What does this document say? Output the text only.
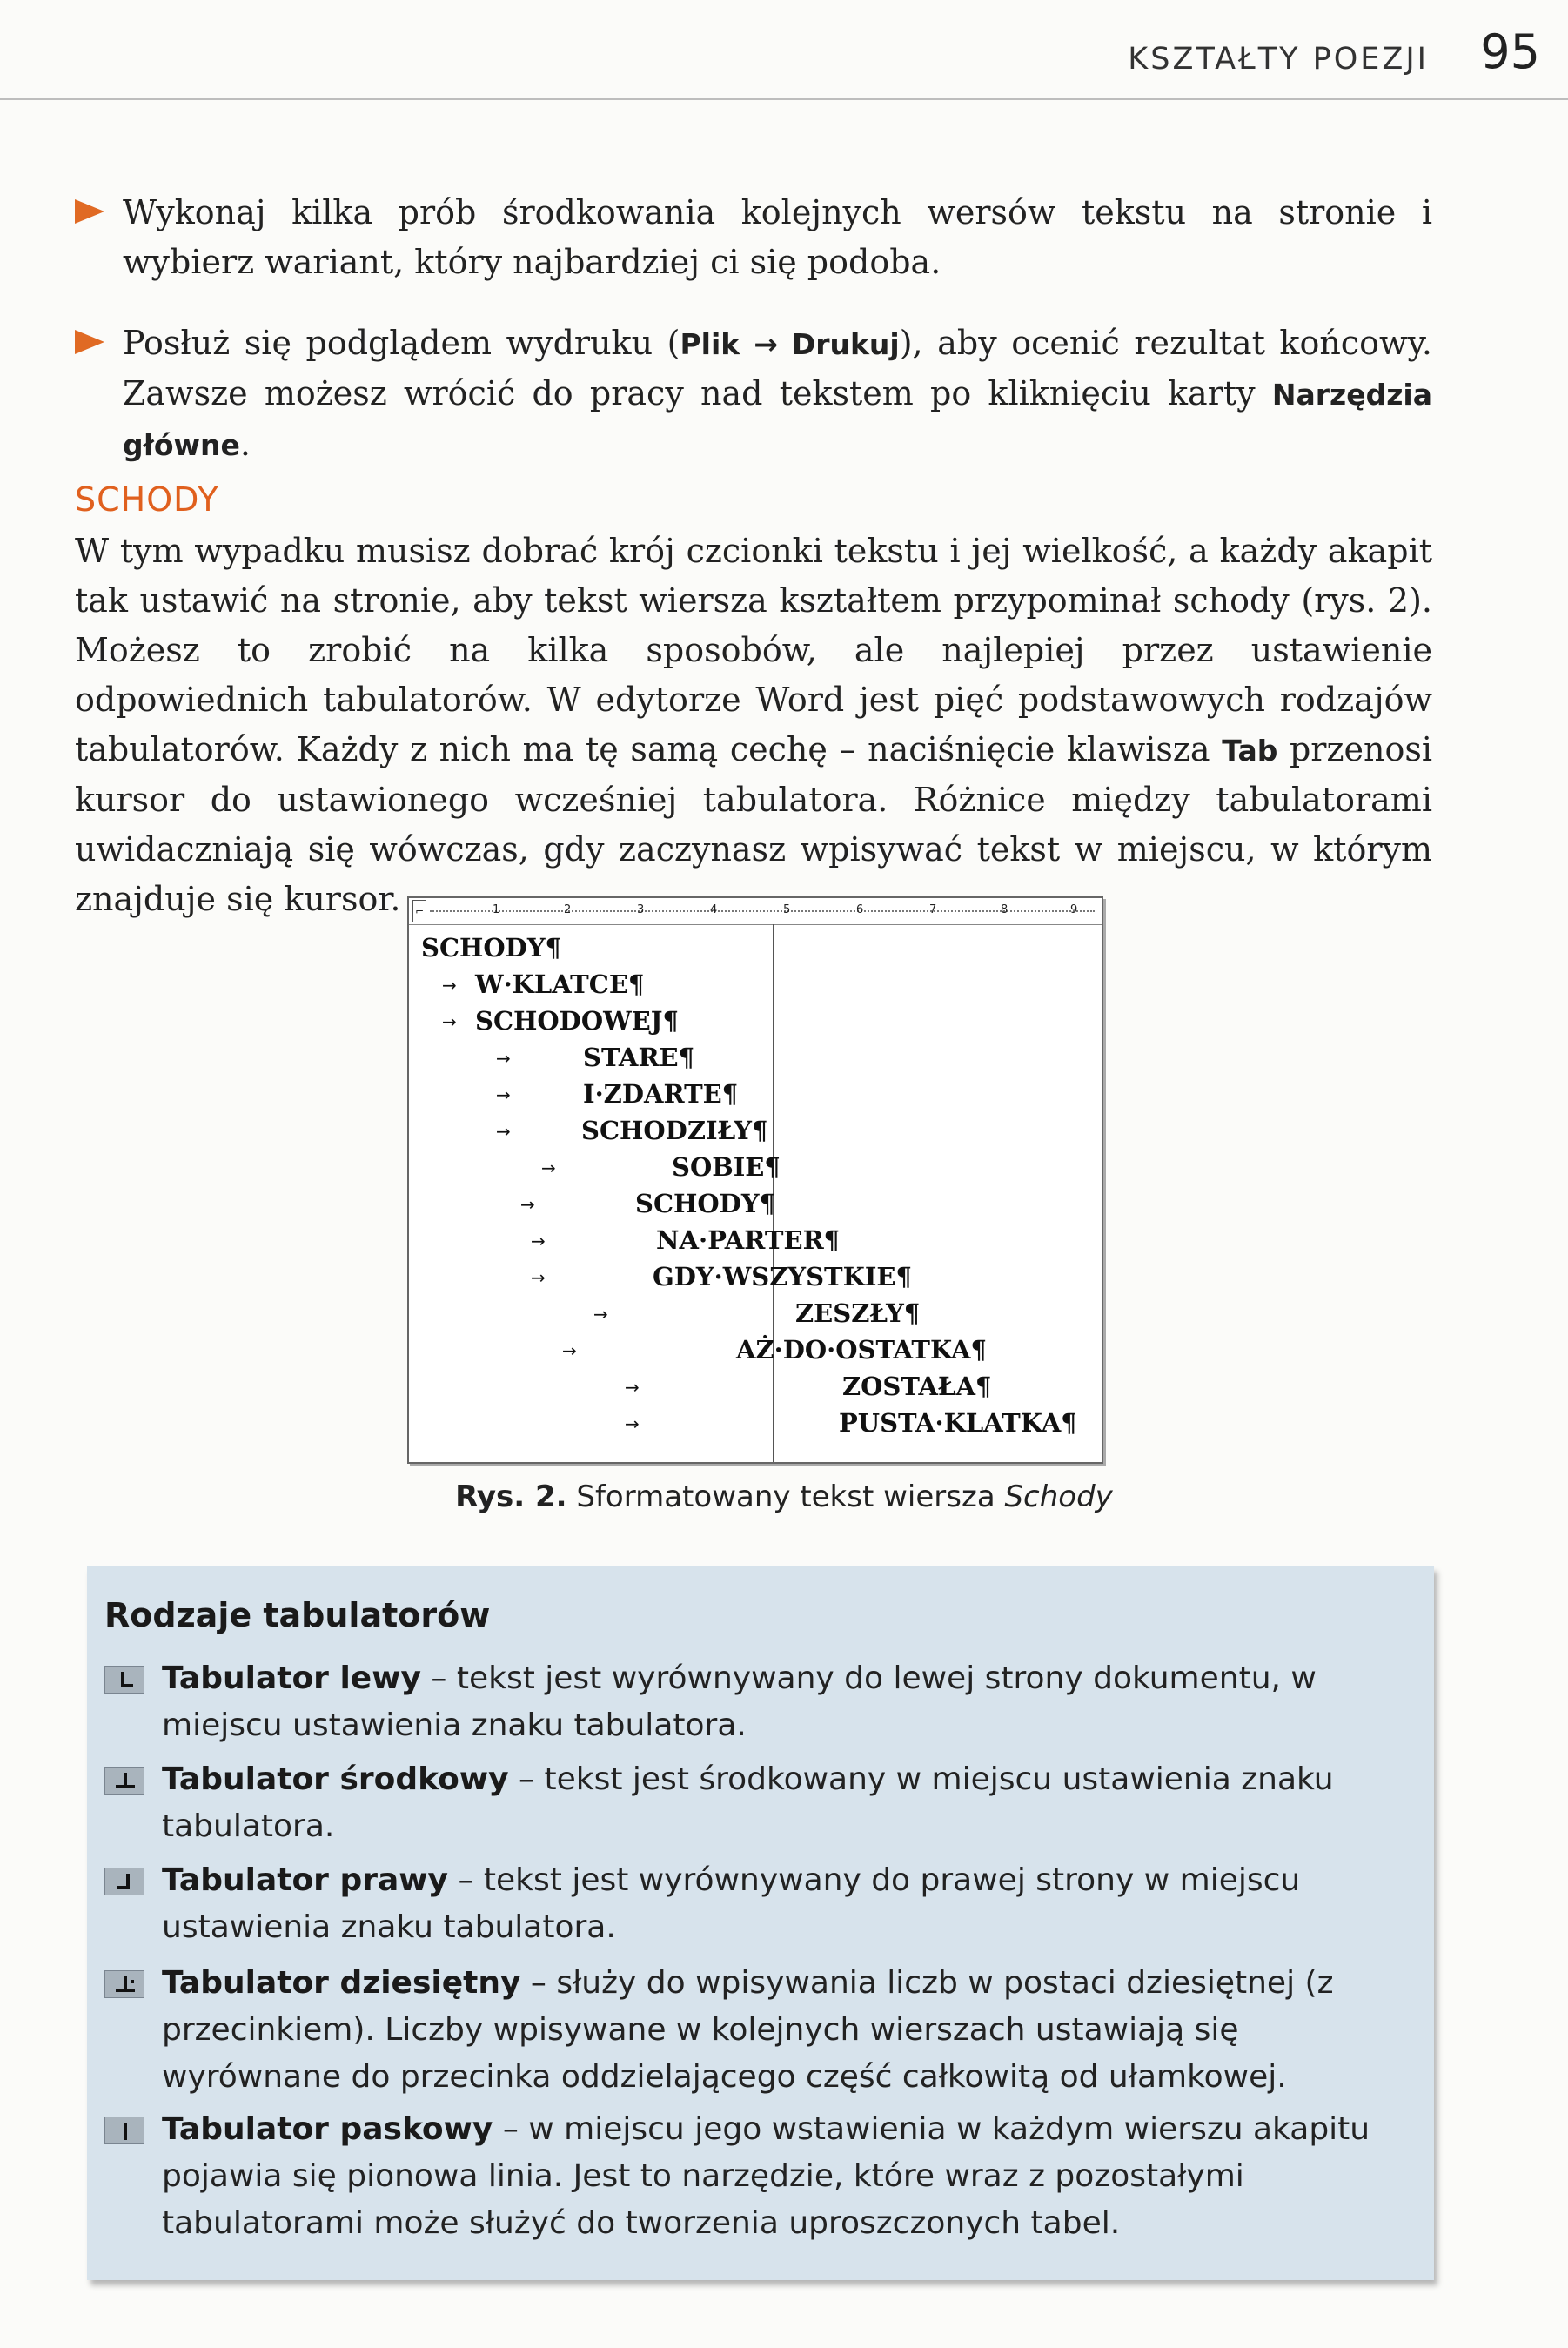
KSZTAŁTY POEZJI 95
Wykonaj kilka prób środkowania kolejnych wersów tekstu na stronie i wybierz wariant, który najbardziej ci się podoba.
Posłuż się podglądem wydruku (Plik → Drukuj), aby ocenić rezultat końcowy. Zawsze możesz wrócić do pracy nad tekstem po kliknięciu karty Narzędzia główne.
SCHODY
W tym wypadku musisz dobrać krój czcionki tekstu i jej wielkość, a każdy akapit tak ustawić na stronie, aby tekst wiersza kształtem przypominał schody (rys. 2). Możesz to zrobić na kilka sposobów, ale najlepiej przez ustawienie odpowiednich tabulatorów. W edytorze Word jest pięć podstawowych rodzajów tabulatorów. Każdy z nich ma tę samą cechę – naciśnięcie klawisza Tab przenosi kursor do ustawionego wcześniej tabulatora. Różnice między tabulatorami uwidaczniają się wówczas, gdy zaczynasz wpisywać tekst w miejscu, w którym znajduje się kursor.	⌐	1	2	3	4	5	6	7	8	9
SCHODY¶
→ W·KLATCE¶
→ SCHODOWEJ¶
→	STARE¶
→	I·ZDARTE¶
→	SCHODZIŁY¶
→	SOBIE¶
→	SCHODY¶
→	NA·PARTER¶
→	GDY·WSZYSTKIE¶
→	ZESZŁY¶
→	AŻ·DO·OSTATKA¶
→	ZOSTAŁA¶
→	PUSTA·KLATKA¶
Rys. 2. Sformatowany tekst wiersza Schody
Rodzaje tabulatorów
Tabulator lewy – tekst jest wyrównywany do lewej strony dokumentu, w miejscu ustawienia znaku tabulatora.
Tabulator środkowy – tekst jest środkowany w miejscu ustawienia znaku tabulatora.
Tabulator prawy – tekst jest wyrównywany do prawej strony w miejscu ustawienia znaku tabulatora.
Tabulator dziesiętny – służy do wpisywania liczb w postaci dziesiętnej (z przecinkiem). Liczby wpisywane w kolejnych wierszach ustawiają się wyrównane do przecinka oddzielającego część całkowitą od ułamkowej.
Tabulator paskowy – w miejscu jego wstawienia w każdym wierszu akapitu pojawia się pionowa linia. Jest to narzędzie, które wraz z pozostałymi tabulatorami może służyć do tworzenia uproszczonych tabel.
